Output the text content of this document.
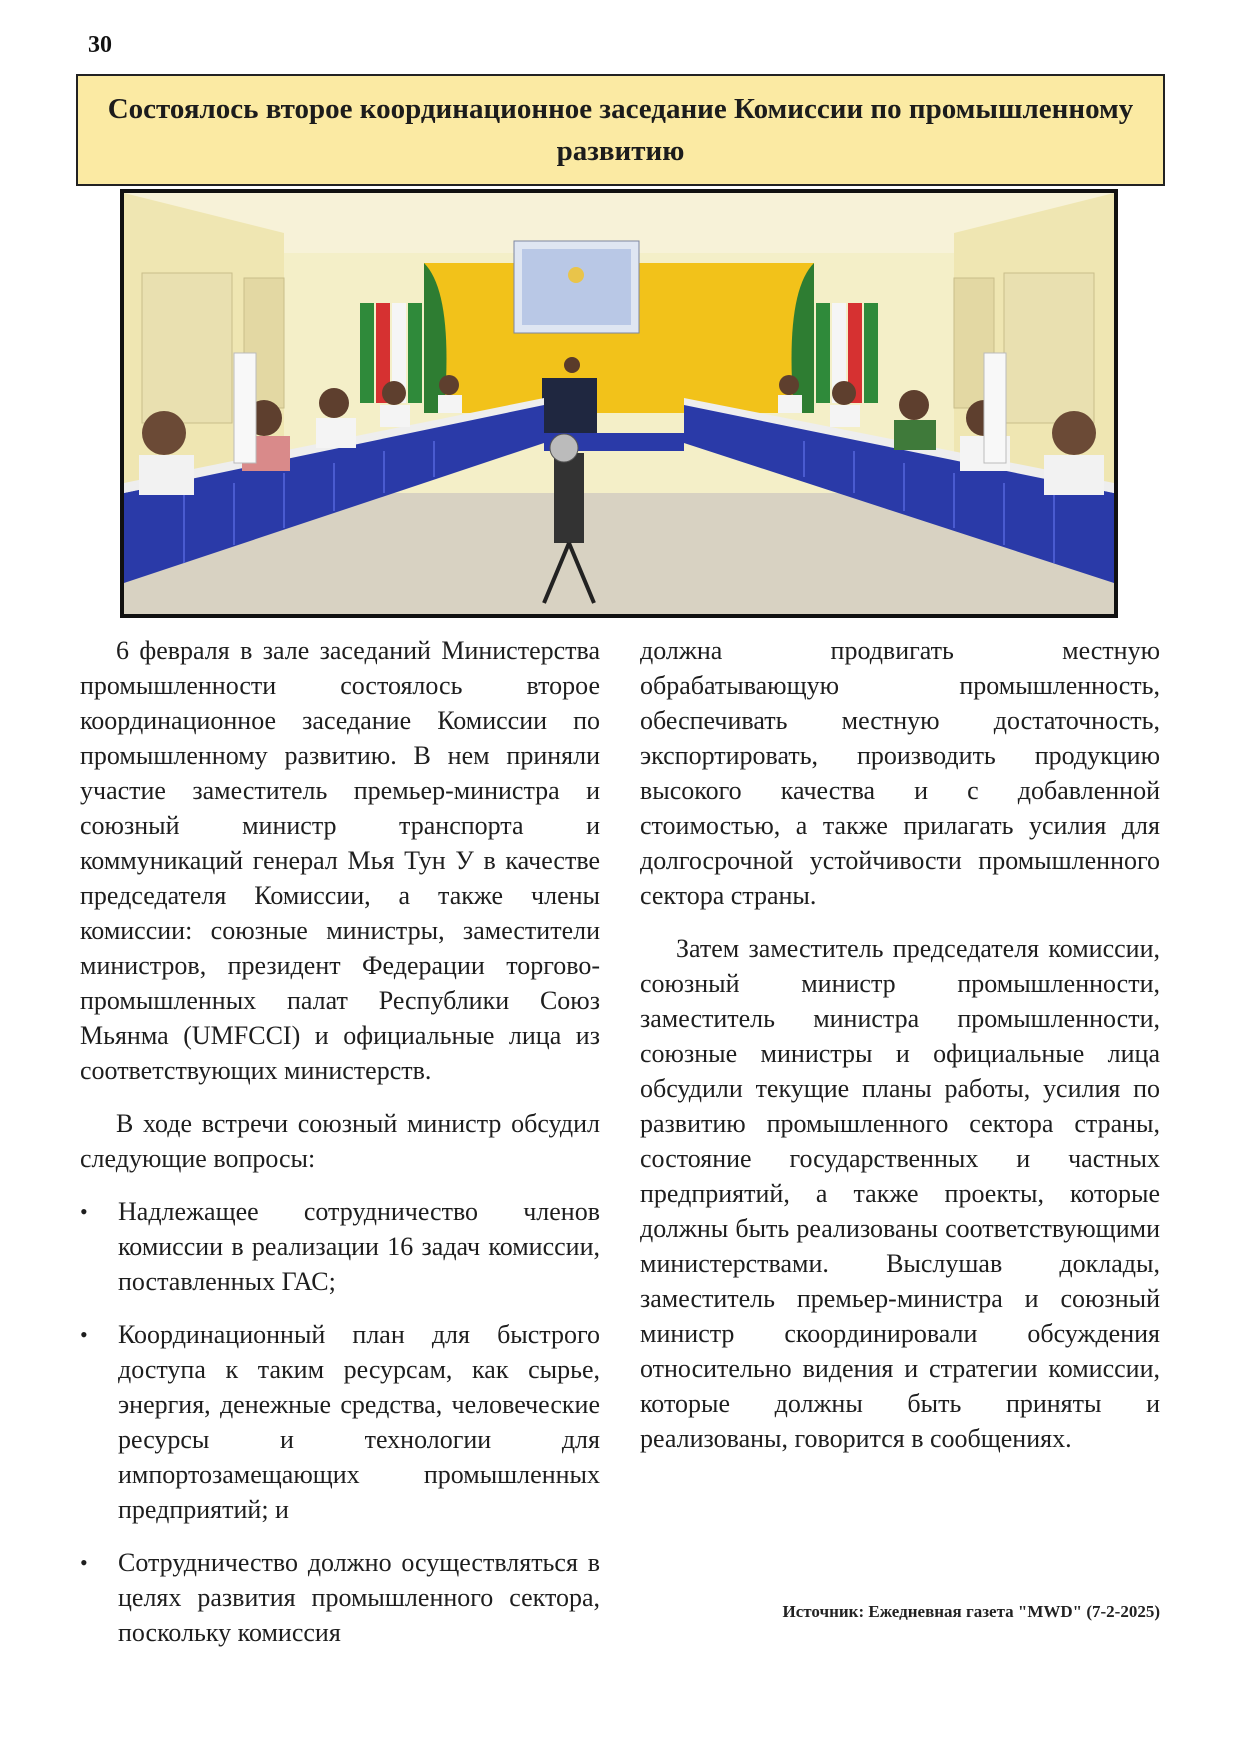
30
Состоялось второе координационное заседание Комиссии по промышленному развитию

6 февраля в зале заседаний Министерства промышленности состоялось второе координационное заседание Комиссии по промышленному развитию. В нем приняли участие заместитель премьер-министра и союзный министр транспорта и коммуникаций генерал Мья Тун У в качестве председателя Комиссии, а также члены комиссии: союзные министры, заместители министров, президент Федерации торгово-промышленных палат Республики Союз Мьянма (UMFCCI) и официальные лица из соответствующих министерств.

В ходе встречи союзный министр обсудил следующие вопросы:

• Надлежащее сотрудничество членов комиссии в реализации 16 задач комиссии, поставленных ГАС;
• Координационный план для быстрого доступа к таким ресурсам, как сырье, энергия, денежные средства, человеческие ресурсы и технологии для импортозамещающих промышленных предприятий; и
• Сотрудничество должно осуществляться в целях развития промышленного сектора, поскольку комиссия

должна продвигать местную обрабатывающую промышленность, обеспечивать местную достаточность, экспортировать, производить продукцию высокого качества и с добавленной стоимостью, а также прилагать усилия для долгосрочной устойчивости промышленного сектора страны.

Затем заместитель председателя комиссии, союзный министр промышленности, заместитель министра промышленности, союзные министры и официальные лица обсудили текущие планы работы, усилия по развитию промышленного сектора страны, состояние государственных и частных предприятий, а также проекты, которые должны быть реализованы соответствующими министерствами. Выслушав доклады, заместитель премьер-министра и союзный министр скоординировали обсуждения относительно видения и стратегии комиссии, которые должны быть приняты и реализованы, говорится в сообщениях.

Источник: Ежедневная газета "MWD" (7-2-2025)
